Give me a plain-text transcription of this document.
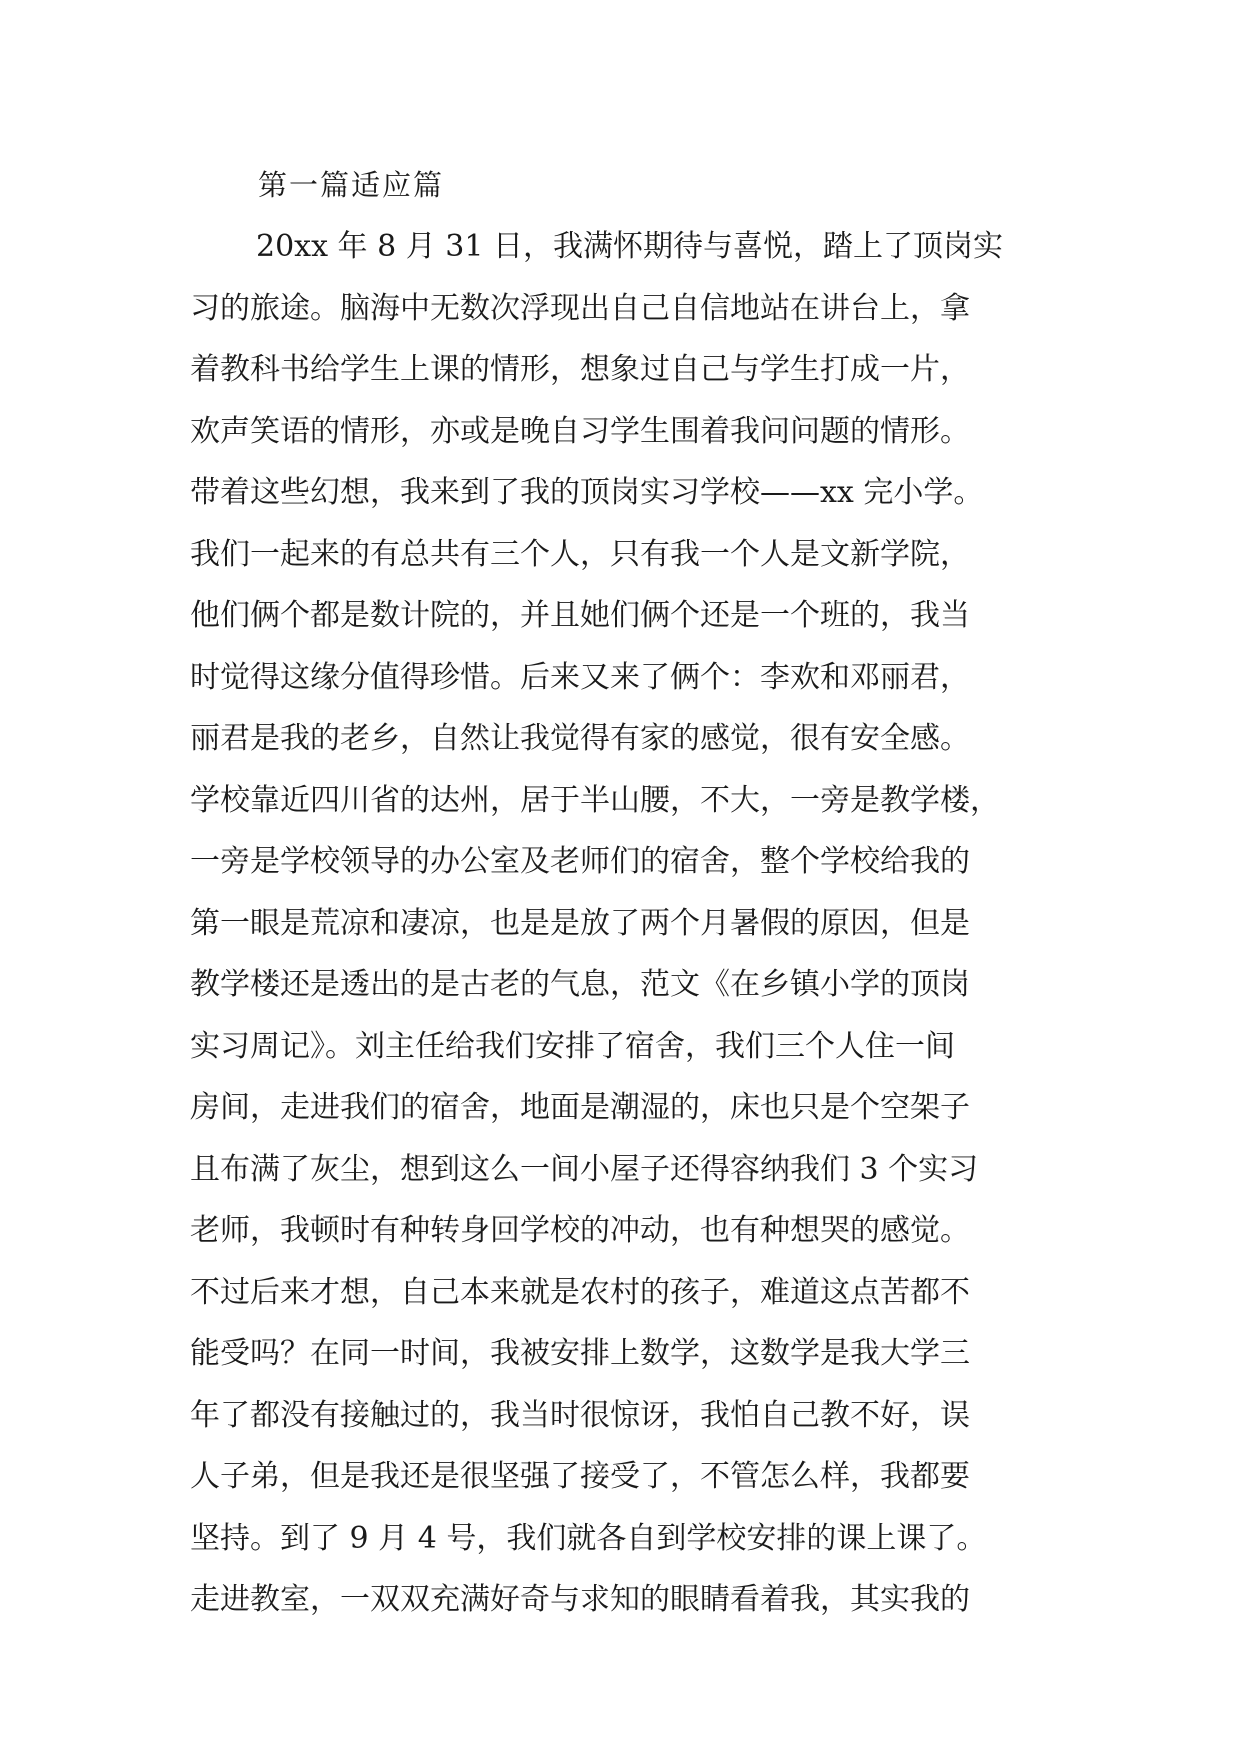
第一篇适应篇
20xx 年 8 月 31 日，我满怀期待与喜悦，踏上了顶岗实
习的旅途。脑海中无数次浮现出自己自信地站在讲台上，拿
着教科书给学生上课的情形，想象过自己与学生打成一片，
欢声笑语的情形，亦或是晚自习学生围着我问问题的情形。
带着这些幻想，我来到了我的顶岗实习学校——xx 完小学。
我们一起来的有总共有三个人，只有我一个人是文新学院，
他们俩个都是数计院的，并且她们俩个还是一个班的，我当
时觉得这缘分值得珍惜。后来又来了俩个：李欢和邓丽君，
丽君是我的老乡，自然让我觉得有家的感觉，很有安全感。
学校靠近四川省的达州，居于半山腰，不大，一旁是教学楼，
一旁是学校领导的办公室及老师们的宿舍，整个学校给我的
第一眼是荒凉和凄凉，也是是放了两个月暑假的原因，但是
教学楼还是透出的是古老的气息，范文《在乡镇小学的顶岗
实习周记》。刘主任给我们安排了宿舍，我们三个人住一间
房间，走进我们的宿舍，地面是潮湿的，床也只是个空架子
且布满了灰尘，想到这么一间小屋子还得容纳我们 3 个实习
老师，我顿时有种转身回学校的冲动，也有种想哭的感觉。
不过后来才想，自己本来就是农村的孩子，难道这点苦都不
能受吗？在同一时间，我被安排上数学，这数学是我大学三
年了都没有接触过的，我当时很惊讶，我怕自己教不好，误
人子弟，但是我还是很坚强了接受了，不管怎么样，我都要
坚持。到了 9 月 4 号，我们就各自到学校安排的课上课了。
走进教室，一双双充满好奇与求知的眼睛看着我，其实我的
